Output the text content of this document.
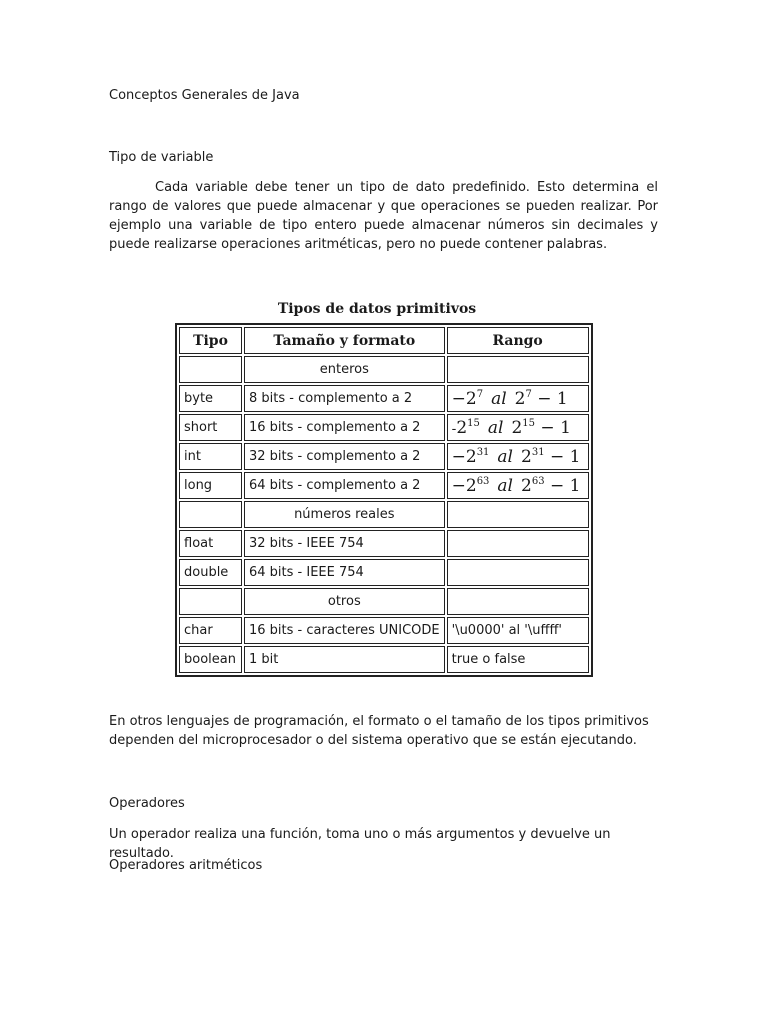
Conceptos Generales de Java

Tipo de variable

Cada variable debe tener un tipo de dato predefinido. Esto determina el rango de valores que puede almacenar y que operaciones se pueden realizar. Por ejemplo una variable de tipo entero puede almacenar números sin decimales y puede realizarse operaciones aritméticas, pero no puede contener palabras.

Tipos de datos primitivos
Tipo	Tamaño y formato	Rango
	enteros	
byte	8 bits - complemento a 2	$-2^7$ al $2^7 - 1$
short	16 bits - complemento a 2	$-2^{15}$ al $2^{15} - 1$
int	32 bits - complemento a 2	$-2^{31}$ al $2^{31} - 1$
long	64 bits - complemento a 2	$-2^{63}$ al $2^{63} - 1$
	números reales	
float	32 bits - IEEE 754	
double	64 bits - IEEE 754	
	otros	
char	16 bits - caracteres UNICODE	'\u0000' al '\uffff'
boolean	1 bit	true o false

En otros lenguajes de programación, el formato o el tamaño de los tipos primitivos dependen del microprocesador o del sistema operativo que se están ejecutando.

Operadores

Un operador realiza una función, toma uno o más argumentos y devuelve un resultado.

Operadores aritméticos
